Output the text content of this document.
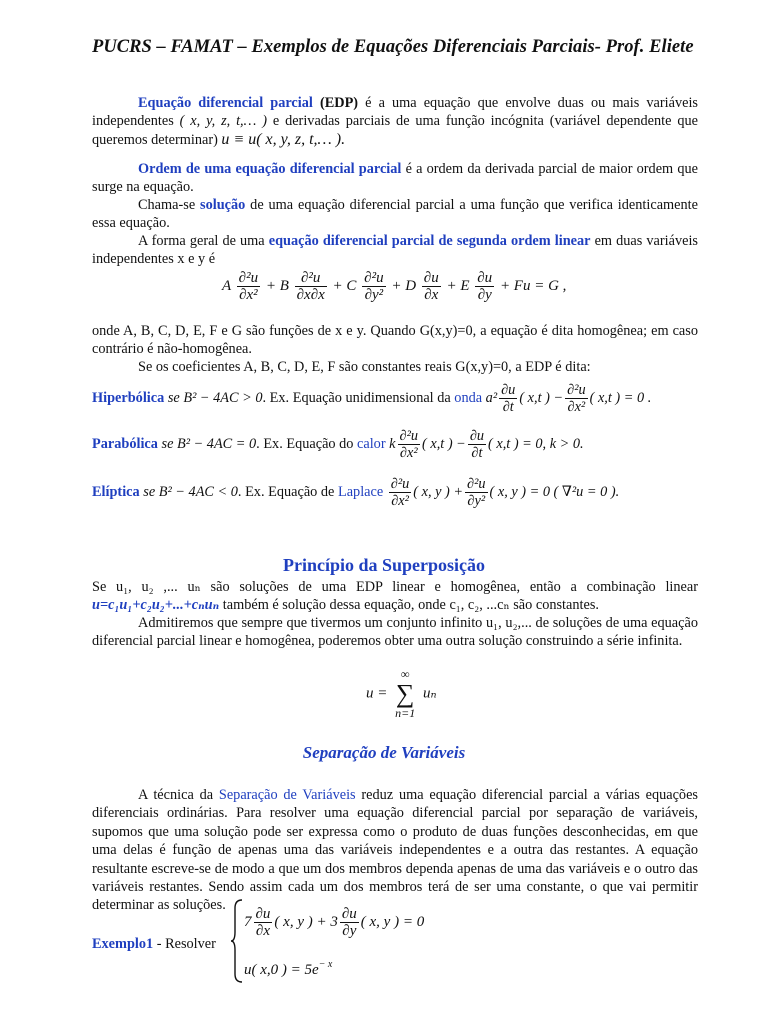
PUCRS – FAMAT – Exemplos de Equações Diferenciais Parciais- Prof. Eliete
Equação diferencial parcial (EDP) é a uma equação que envolve duas ou mais variáveis independentes ( x, y, z, t,… ) e derivadas parciais de uma função incógnita (variável dependente que queremos determinar) u ≡ u( x, y, z, t,… ).
Ordem de uma equação diferencial parcial é a ordem da derivada parcial de maior ordem que surge na equação.
Chama-se solução de uma equação diferencial parcial a uma função que verifica identicamente essa equação.
A forma geral de uma equação diferencial parcial de segunda ordem linear em duas variáveis independentes x e y é
A $\frac{\text{∂²u}}{\text{∂x²}} + B \frac{\text{∂²u}}{\partial x\partial x} + C \frac{\text{∂²u}}{\text{∂y²}} + D \frac{\partial u}{\partial x} + E \frac{\partial u}{\partial y} + Fu = G$ ,
onde A, B, C, D, E, F e G são funções de x e y. Quando G(x,y)=0, a equação é dita homogênea; em caso contrário é não-homogênea.
Se os coeficientes A, B, C, D, E, F são constantes reais G(x,y)=0, a EDP é dita:
Hiperbólica se B² − 4AC > 0. Ex. Equação unidimensional da onda $a^2 \frac{\partial u}{\partial t}$ ( x,t ) − $\frac{\text{∂²u}}{\text{∂x²}}$ ( x,t ) = 0 .
Parabólica se B² − 4AC = 0. Ex. Equação do calor k $\frac{\text{∂²u}}{\text{∂x²}}$ ( x,t ) − $\frac{\partial u}{\partial t}$ ( x,t ) = 0, k > 0.
Elíptica se B² − 4AC < 0. Ex. Equação de Laplace $\frac{\text{∂²u}}{\text{∂x²}}$ ( x, y ) + $\frac{\text{∂²u}}{\text{∂y²}}$ ( x, y ) = 0 ( ∇²u = 0 ).
Princípio da Superposição
Se u₁, u₂ ,... uₙ são soluções de uma EDP linear e homogênea, então a combinação linear u=c₁u₁+c₂u₂+...+cₙuₙ também é solução dessa equação, onde c₁, c₂, ...cₙ são constantes.
Admitiremos que sempre que tivermos um conjunto infinito u₁, u₂,... de soluções de uma equação diferencial parcial linear e homogênea, poderemos obter uma outra solução construindo a série infinita.
u =
∞
∑
n=1
uₙ
Separação de Variáveis
A técnica da Separação de Variáveis reduz uma equação diferencial parcial a várias equações diferenciais ordinárias. Para resolver uma equação diferencial parcial por separação de variáveis, supomos que uma solução pode ser expressa como o produto de duas funções desconhecidas, em que uma delas é função de apenas uma das variáveis independentes e a outra das restantes. A equação resultante escreve-se de modo a que um dos membros dependa apenas de uma das variáveis e o outro das variáveis restantes. Sendo assim cada um dos membros terá de ser uma constante, o que vai permitir determinar as soluções.
Exemplo1 - Resolver
$7 \frac{\partial u}{\partial x}$ ( x, y ) + $3 \frac{\partial u}{\partial y}$ ( x, y ) = 0
u( x,0 ) = $5e^{- x}$
